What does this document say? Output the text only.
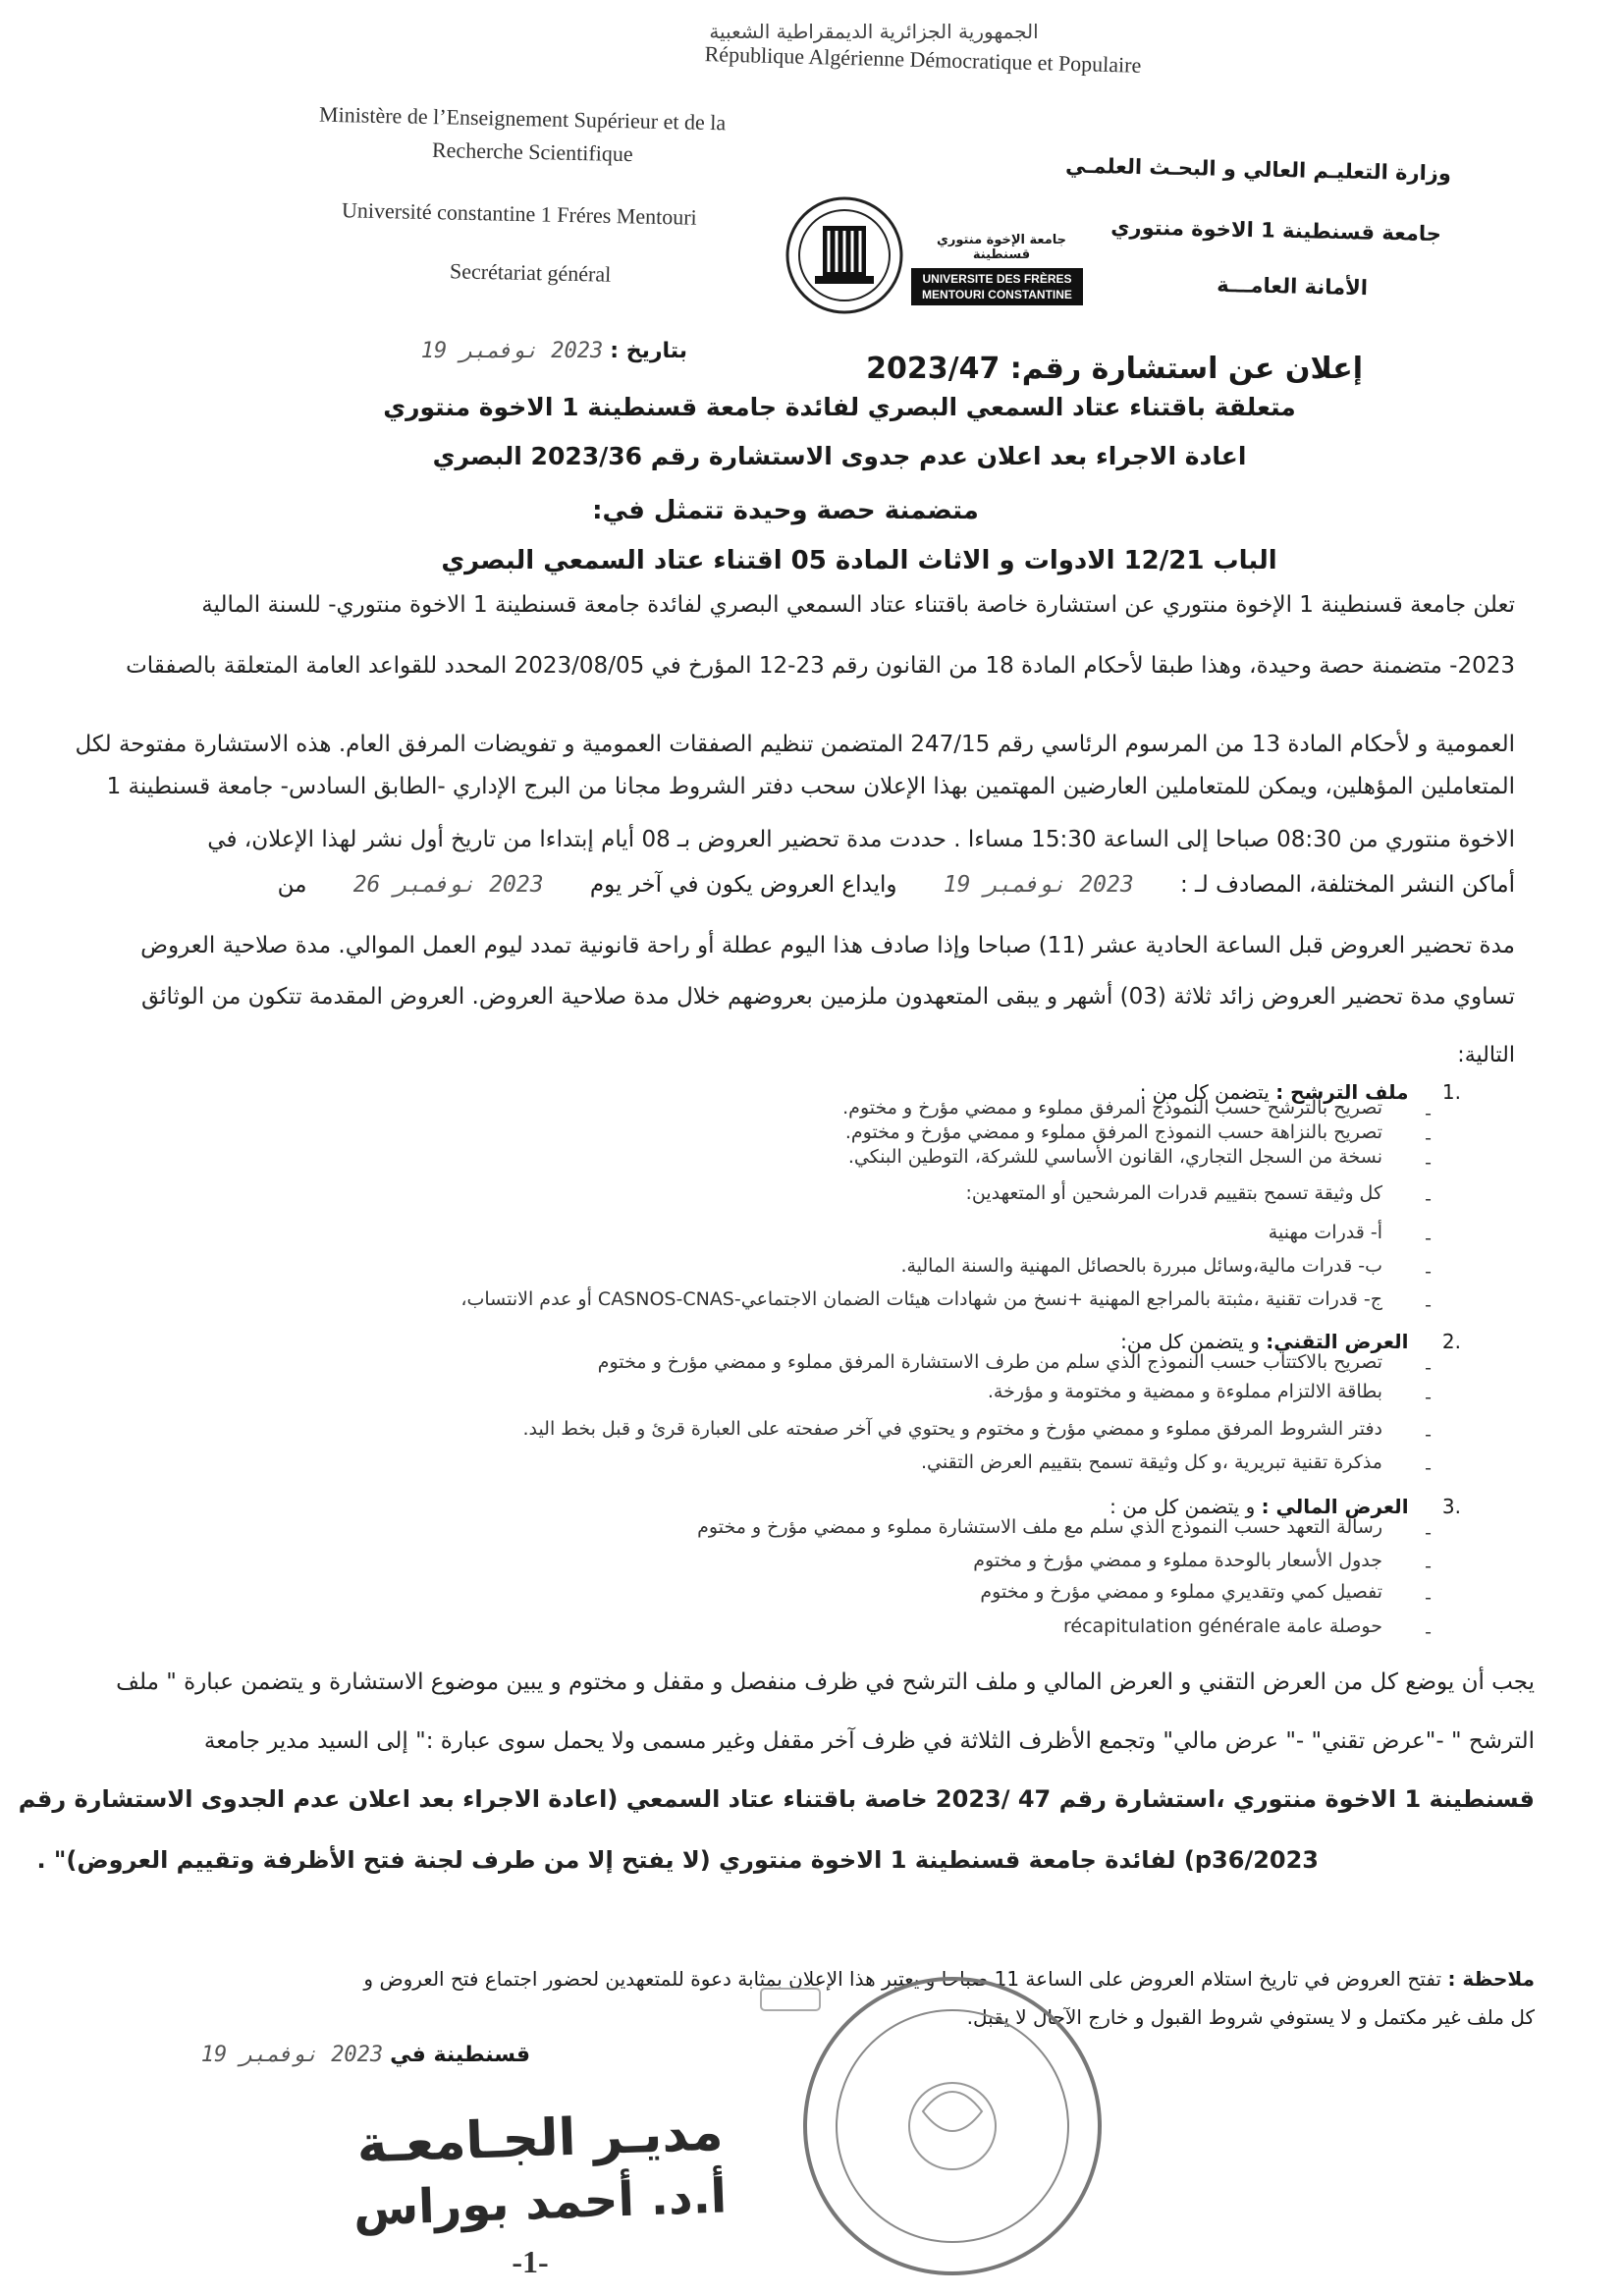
الجمهورية الجزائرية الديمقراطية الشعبية
République Algérienne Démocratique et Populaire
Ministère de l’Enseignement Supérieur et de la
Recherche Scientifique
Université constantine 1 Fréres Mentouri
Secrétariat général
وزارة التعليـم العالي و البحـث العلمـي
جامعة قسنطينة 1 الاخوة منتوري
الأمانة العامـــة
جامعة الإخوة منتوري قسنطينة
UNIVERSITE DES FRÈRES
MENTOURI CONSTANTINE
بتاريخ : 2023 نوفمبر 19
إعلان عن استشارة رقم: 2023/47
متعلقة باقتناء عتاد السمعي البصري لفائدة جامعة قسنطينة 1 الاخوة منتوري
اعادة الاجراء بعد اعلان عدم جدوى الاستشارة رقم 2023/36 البصري
متضمنة حصة وحيدة تتمثل في:
الباب 12/21 الادوات و الاثاث المادة 05 اقتناء عتاد السمعي البصري
تعلن جامعة قسنطينة 1 الإخوة منتوري عن استشارة خاصة باقتناء عتاد السمعي البصري لفائدة جامعة قسنطينة 1 الاخوة منتوري- للسنة المالية
2023- متضمنة حصة وحيدة، وهذا طبقا لأحكام المادة 18 من القانون رقم 23-12 المؤرخ في 2023/08/05 المحدد للقواعد العامة المتعلقة بالصفقات
العمومية و لأحكام المادة 13 من المرسوم الرئاسي رقم 247/15 المتضمن تنظيم الصفقات العمومية و تفويضات المرفق العام. هذه الاستشارة مفتوحة لكل
المتعاملين المؤهلين، ويمكن للمتعاملين العارضين المهتمين بهذا الإعلان سحب دفتر الشروط مجانا من البرج الإداري -الطابق السادس- جامعة قسنطينة 1
الاخوة منتوري من 08:30 صباحا إلى الساعة 15:30 مساءا . حددت مدة تحضير العروض بـ 08 أيام إبتداءا من تاريخ أول نشر لهذا الإعلان، في
أماكن النشر المختلفة، المصادف لـ : 2023 نوفمبر 19 وايداع العروض يكون في آخر يوم 2023 نوفمبر 26 من
مدة تحضير العروض قبل الساعة الحادية عشر (11) صباحا وإذا صادف هذا اليوم عطلة أو راحة قانونية تمدد ليوم العمل الموالي. مدة صلاحية العروض
تساوي مدة تحضير العروض زائد ثلاثة (03) أشهر و يبقى المتعهدون ملزمين بعروضهم خلال مدة صلاحية العروض. العروض المقدمة تتكون من الوثائق
التالية:
.1 ملف الترشح : يتضمن كل من :
-
تصريح بالترشح حسب النموذج المرفق مملوء و ممضي مؤرخ و مختوم.
-
تصريح بالنزاهة حسب النموذج المرفق مملوء و ممضي مؤرخ و مختوم.
-
نسخة من السجل التجاري، القانون الأساسي للشركة، التوطين البنكي.
-
كل وثيقة تسمح بتقييم قدرات المرشحين أو المتعهدين:
-
أ- قدرات مهنية
-
ب- قدرات مالية،وسائل مبررة بالحصائل المهنية والسنة المالية.
-
ج- قدرات تقنية ،مثبتة بالمراجع المهنية +نسخ من شهادات هيئات الضمان الاجتماعي-CASNOS-CNAS أو عدم الانتساب،
.2 العرض التقني: و يتضمن كل من:
-
تصريح بالاكتتاب حسب النموذج الذي سلم من طرف الاستشارة المرفق مملوء و ممضي مؤرخ و مختوم
-
بطاقة الالتزام مملوءة و ممضية و مختومة و مؤرخة.
-
دفتر الشروط المرفق مملوء و ممضي مؤرخ و مختوم و يحتوي في آخر صفحته على العبارة قرئ و قبل بخط اليد.
-
مذكرة تقنية تبريرية ،و كل وثيقة تسمح بتقييم العرض التقني.
.3 العرض المالي : و يتضمن كل من :
-
رسالة التعهد حسب النموذج الذي سلم مع ملف الاستشارة مملوء و ممضي مؤرخ و مختوم
-
جدول الأسعار بالوحدة مملوء و ممضي مؤرخ و مختوم
-
تفصيل كمي وتقديري مملوء و ممضي مؤرخ و مختوم
-
حوصلة عامة récapitulation générale
يجب أن يوضع كل من العرض التقني و العرض المالي و ملف الترشح في ظرف منفصل و مقفل و مختوم و يبين موضوع الاستشارة و يتضمن عبارة " ملف
الترشح " -"عرض تقني" -" عرض مالي" وتجمع الأظرف الثلاثة في ظرف آخر مقفل وغير مسمى ولا يحمل سوى عبارة :" إلى السيد مدير جامعة
قسنطينة 1 الاخوة منتوري ،استشارة رقم 47 /2023 خاصة باقتناء عتاد السمعي (اعادة الاجراء بعد اعلان عدم الجدوى الاستشارة رقم
2023/p36) لفائدة جامعة قسنطينة 1 الاخوة منتوري (لا يفتح إلا من طرف لجنة فتح الأظرفة وتقييم العروض)" .
ملاحظة : تفتح العروض في تاريخ استلام العروض على الساعة 11 صباحا و يعتبر هذا الإعلان بمثابة دعوة للمتعهدين لحضور اجتماع فتح العروض و
كل ملف غير مكتمل و لا يستوفي شروط القبول و خارج الآجال لا يقبل.
قسنطينة في 2023 نوفمبر 19
مديـر الجـامعـة
أ.د. أحمد بوراس
-1-
